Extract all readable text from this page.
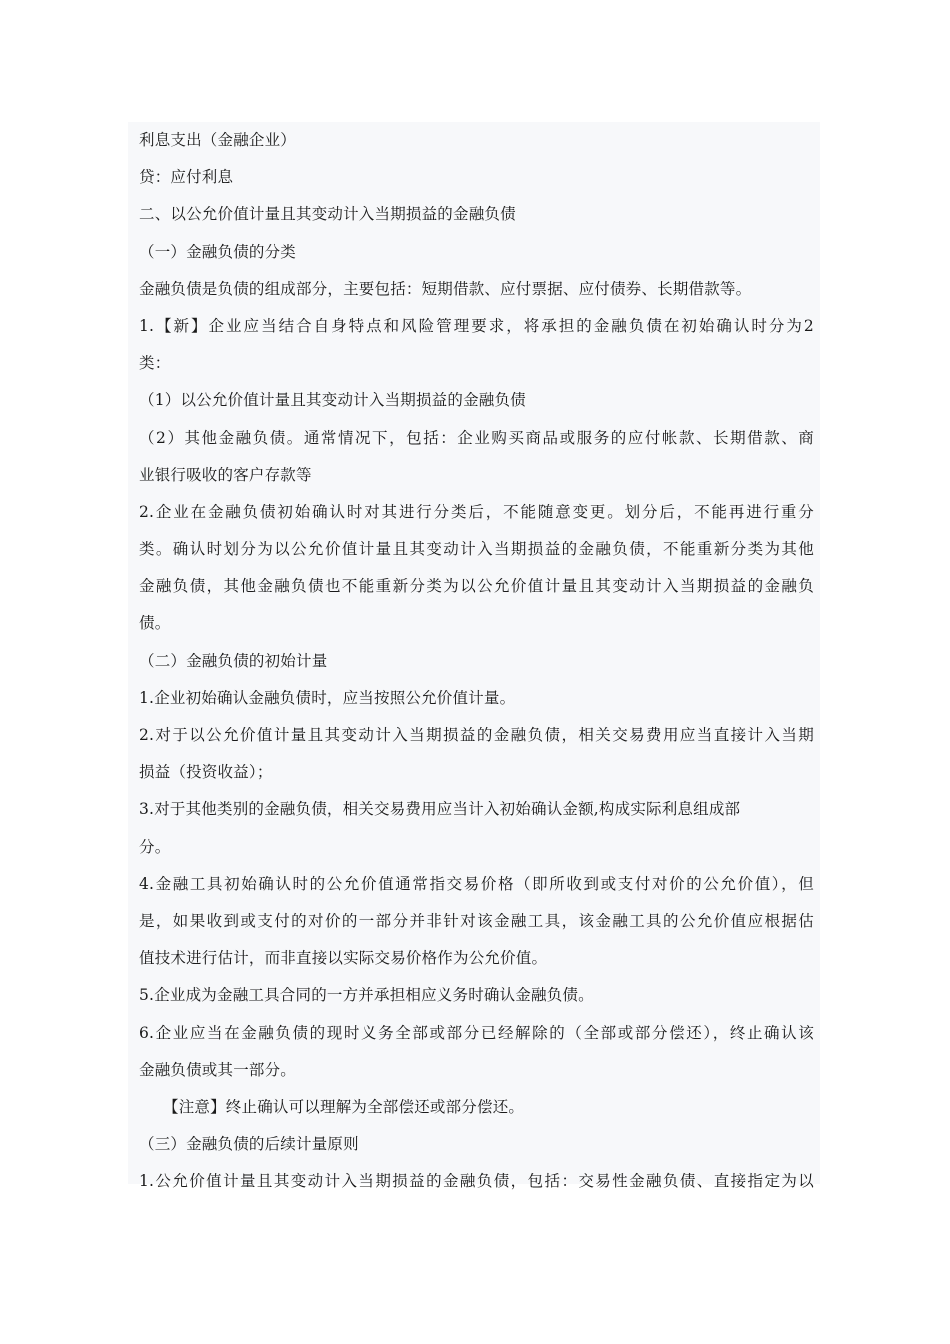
利息支出（金融企业）
贷：应付利息
二、以公允价值计量且其变动计入当期损益的金融负债
（一）金融负债的分类
金融负债是负债的组成部分，主要包括：短期借款、应付票据、应付债券、长期借款等。
1.【新】企业应当结合自身特点和风险管理要求，将承担的金融负债在初始确认时分为2
类：
（1）以公允价值计量且其变动计入当期损益的金融负债
（2）其他金融负债。通常情况下，包括：企业购买商品或服务的应付帐款、长期借款、商
业银行吸收的客户存款等
2.企业在金融负债初始确认时对其进行分类后，不能随意变更。划分后，不能再进行重分
类。确认时划分为以公允价值计量且其变动计入当期损益的金融负债，不能重新分类为其他
金融负债，其他金融负债也不能重新分类为以公允价值计量且其变动计入当期损益的金融负
债。
（二）金融负债的初始计量
1.企业初始确认金融负债时，应当按照公允价值计量。
2.对于以公允价值计量且其变动计入当期损益的金融负债，相关交易费用应当直接计入当期
损益（投资收益）；
3.对于其他类别的金融负债，相关交易费用应当计入初始确认金额,构成实际利息组成部
分。
4.金融工具初始确认时的公允价值通常指交易价格（即所收到或支付对价的公允价值），但
是，如果收到或支付的对价的一部分并非针对该金融工具，该金融工具的公允价值应根据估
值技术进行估计，而非直接以实际交易价格作为公允价值。
5.企业成为金融工具合同的一方并承担相应义务时确认金融负债。
6.企业应当在金融负债的现时义务全部或部分已经解除的（全部或部分偿还），终止确认该
金融负债或其一部分。
【注意】终止确认可以理解为全部偿还或部分偿还。
（三）金融负债的后续计量原则
1.公允价值计量且其变动计入当期损益的金融负债，包括：交易性金融负债、直接指定为以
